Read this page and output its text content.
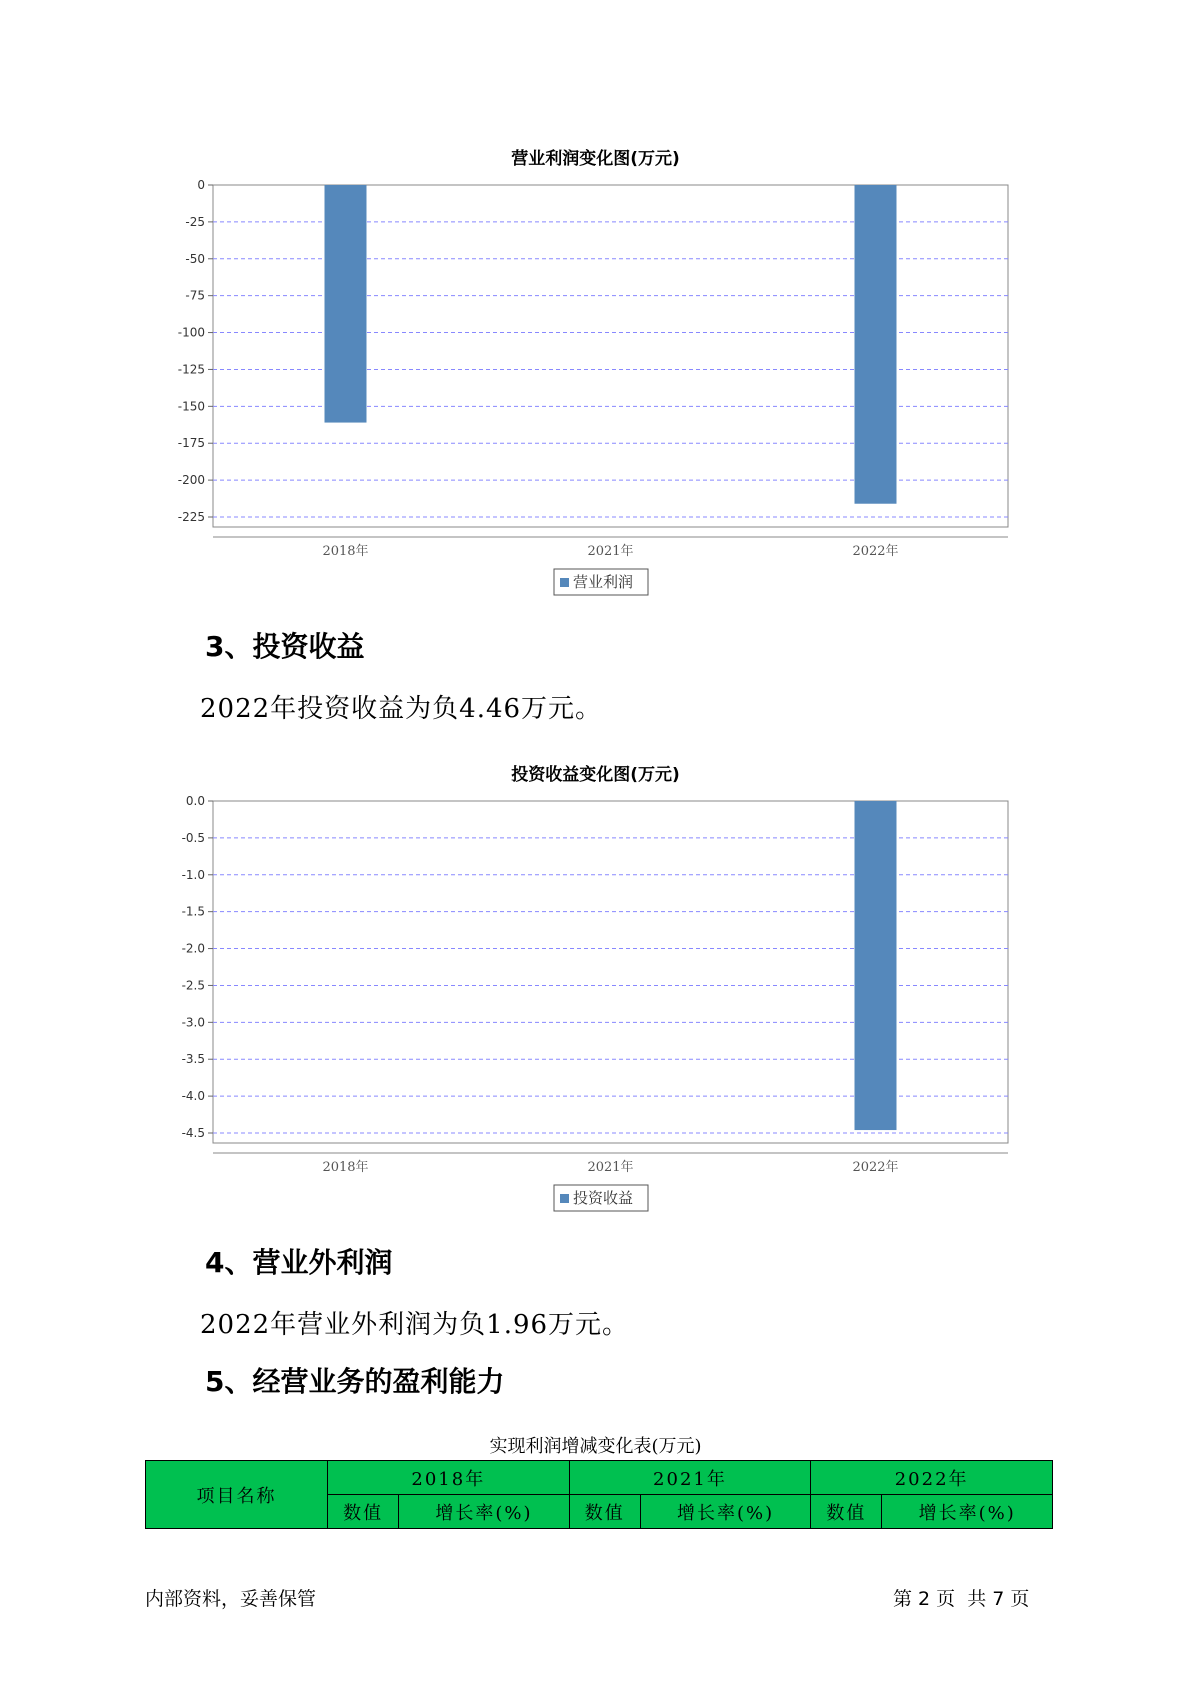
营业利润变化图(万元)
0
-25
-50
-75
-100
-125
-150
-175
-200
-225
2018年	2021年	2022年
营业利润
3、投资收益
2022年投资收益为负4.46万元。
投资收益变化图(万元)
0.0
-0.5
-1.0
-1.5
-2.0
-2.5
-3.0
-3.5
-4.0
-4.5
2018年	2021年	2022年
投资收益
4、营业外利润
2022年营业外利润为负1.96万元。
5、经营业务的盈利能力
实现利润增减变化表(万元)
项目名称	2018年		2021年		2022年	
	数值	增长率(%)	数值	增长率(%)	数值	增长率(%)
内部资料，妥善保管	第 2 页  共 7 页
